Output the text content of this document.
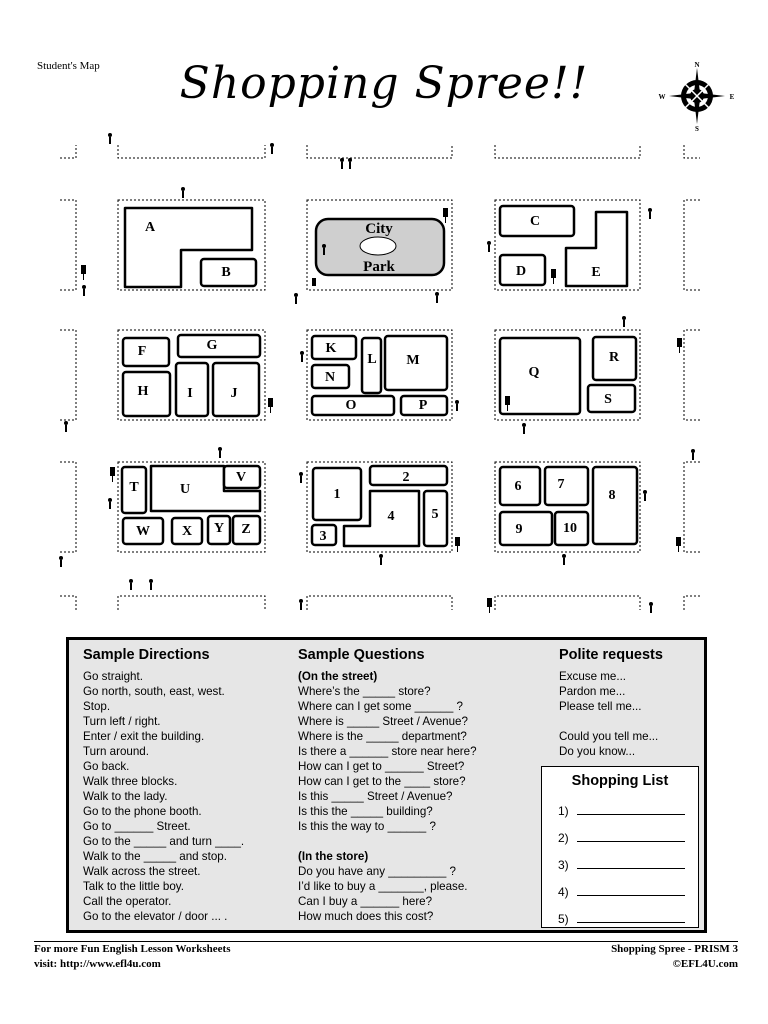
Student's Map	Shopping Spree!!	N
S
E
W
A
B
C
D	E
F	G
H	I	J
K
N
L M
O	P
Q
R
S
T	U
V
W X Y Z
1
2
3
4	5
6	7
8
9	10
City
Park
Sample Directions
Go straight.
Go north, south, east, west.
Stop.
Turn left / right.
Enter / exit the building.
Turn around.
Go back.
Walk three blocks.
Walk to the lady.
Go to the phone booth.
Go to ______ Street.
Go to the _____ and turn ____.
Walk to the _____ and stop.
Walk across the street.
Talk to the little boy.
Call the operator.
Go to the elevator / door ... .
Sample Questions
(On the street)
Where’s the _____ store?
Where can I get some ______ ?
Where is _____ Street / Avenue?
Where is the _____ department?
Is there a ______ store near here?
How can I get to ______ Street?
How can I get to the ____ store?
Is this _____ Street / Avenue?
Is this the _____ building?
Is this the way to ______ ?
(In the store)
Do you have any _________ ?
I’d like to buy a _______, please.
Can I buy a ______ here?
How much does this cost?
Polite requests
Excuse me...
Pardon me...
Please tell me...
Could you tell me...
Do you know...
Shopping List
1)
2)
3)
4)
5)
For more Fun English Lesson Worksheets
visit: http://www.efl4u.com
Shopping Spree - PRISM 3
©EFL4U.com
